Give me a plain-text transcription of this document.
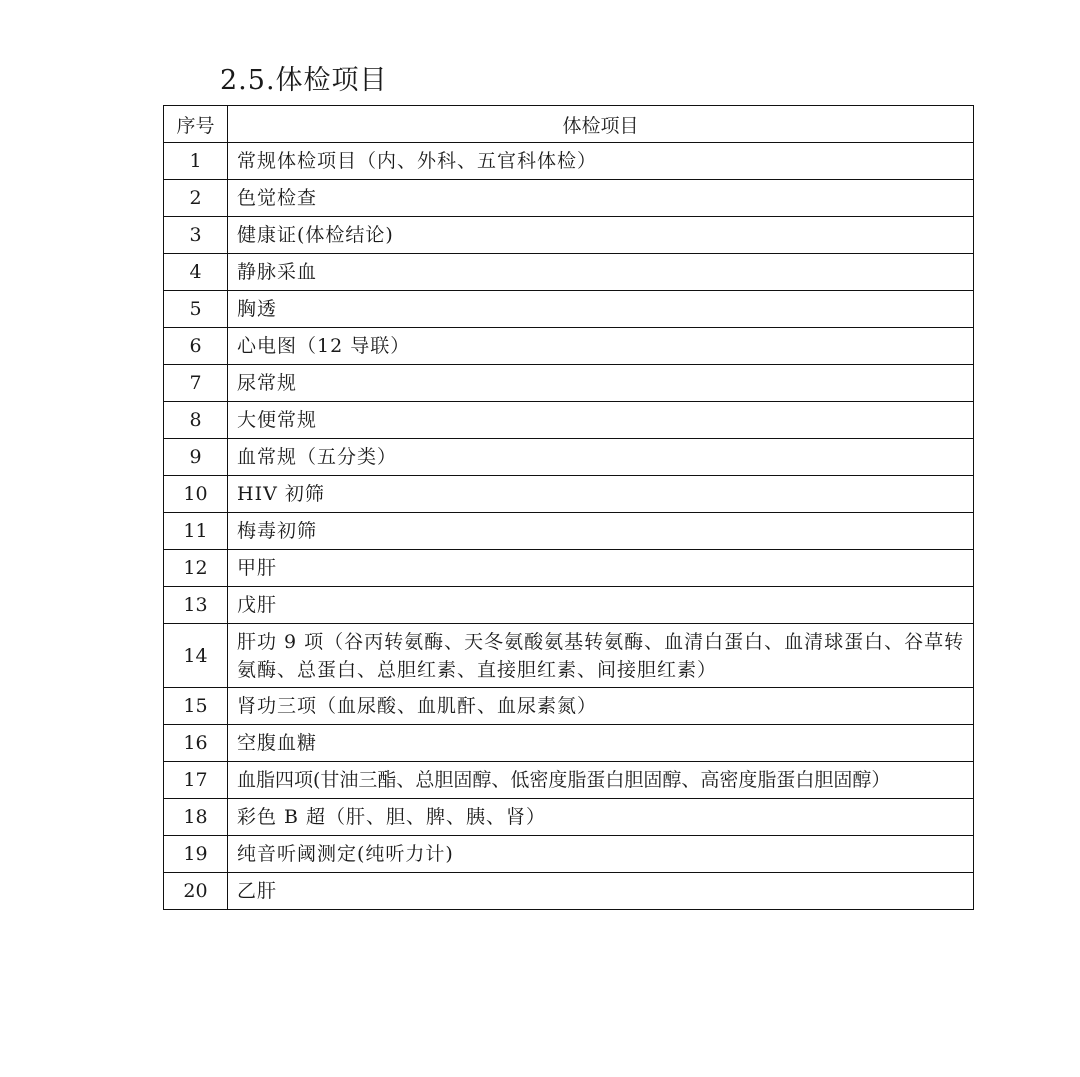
2.5.体检项目
序号	体检项目
1	常规体检项目（内、外科、五官科体检）
2	色觉检查
3	健康证(体检结论)
4	静脉采血
5	胸透
6	心电图（12 导联）
7	尿常规
8	大便常规
9	血常规（五分类）
10	HIV 初筛
11	梅毒初筛
12	甲肝
13	戊肝
14	肝功 9 项（谷丙转氨酶、天冬氨酸氨基转氨酶、血清白蛋白、血清球蛋白、谷草转氨酶、总蛋白、总胆红素、直接胆红素、间接胆红素）
15	肾功三项（血尿酸、血肌酐、血尿素氮）
16	空腹血糖
17	血脂四项(甘油三酯、总胆固醇、低密度脂蛋白胆固醇、高密度脂蛋白胆固醇）
18	彩色 B 超（肝、胆、脾、胰、肾）
19	纯音听阈测定(纯听力计)
20	乙肝
